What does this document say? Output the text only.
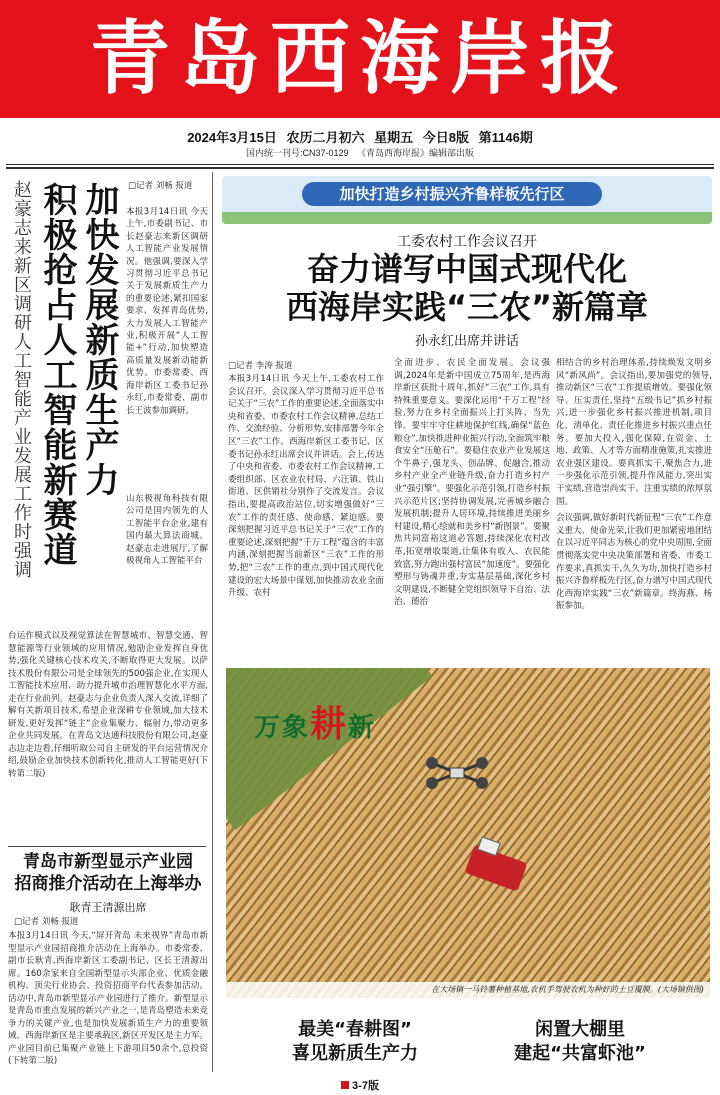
青岛西海岸报
2024年3月15日 农历二月初六 星期五 今日8版 第1146期
国内统一刊号:CN37-0129 《青岛西海岸报》编辑部出版
赵豪志来新区调研人工智能产业发展工作时强调 加快发展新质生产力
积极抢占人工智能新赛道	□记者 刘畅 报道
本报3月14日讯 今天上午,市委副书记、市长赵豪志来新区调研人工智能产业发展情况。他强调,要深入学习贯彻习近平总书记关于发展新质生产力的重要论述,紧扣国家要求、发挥青岛优势,大力发展人工智能产业,积极开展“人工智能+”行动,加快塑造高质量发展新动能新优势。市委常委、西海岸新区工委书记孙永红,市委常委、副市长王波参加调研。
山东极视角科技有限公司是国内领先的人工智能平台企业,建有国内最大算法商城。赵豪志走进展厅,了解极视角人工智能平台
台运作模式以及视觉算法在智慧城市、智慧交通、智慧能源等行业领域的应用情况,勉励企业发挥自身优势,强化关键核心技术攻关,不断取得更大发展。以萨技术股份有限公司是全球领先的500强企业,在实现人工智能技术应用、助力提升城市治理智慧化水平方面,走在行业前列。赵豪志与企业负责人深入交流,详细了解有关新项目技术,希望企业深耕专业领域,加大技术研发,更好发挥“链主”企业集聚力、辐射力,带动更多企业共同发展。在青岛文达通科技股份有限公司,赵豪志边走边看,仔细听取公司自主研发的平台运营情况介绍,鼓励企业加快技术创新转化,推动人工智能更好(下转第二版)
青岛市新型显示产业园
招商推介活动在上海举办
耿青王清源出席
□记者 刘畅 报道
本报3月14日讯 今天,“屏开青岛 未来视界”青岛市新型显示产业园招商推介活动在上海举办。市委常委、副市长耿青,西海岸新区工委副书记、区长王清源出席。160余家来自全国新型显示头部企业、优质金融机构、顶尖行业协会、投资招商平台代表参加活动。活动中,青岛市新型显示产业园进行了推介。新型显示是青岛市重点发展的新兴产业之一,是青岛塑造未来竞争力的关键产业,也是加快发展新质生产力的重要领域。西海岸新区是主要承载区,新区开发区是主力军。产业园目前已集聚产业链上下游项目50余个,总投资(下转第二版)
加快打造乡村振兴齐鲁样板先行区
工委农村工作会议召开
奋力谱写中国式现代化
西海岸实践“三农”新篇章
孙永红出席并讲话
□记者 李涛 报道
本报3月14日讯 今天上午,工委农村工作会议召开。会议深入学习贯彻习近平总书记关于“三农”工作的重要论述,全面落实中央和省委、市委农村工作会议精神,总结工作、交流经验、分析形势,安排部署今年全区“三农”工作。西海岸新区工委书记、区委书记孙永红出席会议并讲话。会上,传达了中央和省委、市委农村工作会议精神,工委组织部、区农业农村局、六汪镇、铁山街道、区供销社分别作了交流发言。会议指出,要提高政治站位,切实增强做好“三农”工作的责任感、使命感、紧迫感。要深刻把握习近平总书记关于“三农”工作的重要论述,深刻把握“千万工程”蕴含的丰富内涵,深刻把握当前新区“三农”工作的形势,把“三农”工作的重点,到中国式现代化建设的宏大场景中谋划,加快推动农业全面升级、农村
全面进步、农民全面发展。会议强调,2024年是新中国成立75周年,是西海岸新区获批十周年,抓好“三农”工作,具有特殊重要意义。要深化运用“千万工程”经验,努力在乡村全面振兴上打头阵、当先锋。要牢牢守住耕地保护红线,确保“蓝色粮仓”,加快推进种业振兴行动,全面筑牢粮食安全“压舱石”。要稳住农业产业发展这个牛鼻子,强龙头、创品牌、促融合,推动乡村产业全产业链升级,奋力打造乡村产业“强引擎”。要强化示范引领,打造乡村振兴示范片区;坚持协调发展,完善城乡融合发展机制;提升人居环境,持续推进美丽乡村建设,精心绘就和美乡村“新图景”。要聚焦共同富裕这道必答题,持续深化农村改革,拓宽增收渠道,让集体有收入、农民能致富,努力跑出强村富民“加速度”。要强化塑形与铸魂并重,夯实基层基础,深化乡村文明建设,不断健全党组织领导下自治、法治、德治
相结合的乡村治理体系,持续焕发文明乡风“新风尚”。会议指出,要加强党的领导,推动新区“三农”工作提质增效。要强化领导、压实责任,坚持“五级书记”抓乡村振兴,进一步强化乡村振兴推进机制,项目化、清单化、责任化推进乡村振兴重点任务。要加大投入,强化保障,在资金、土地、政策、人才等方面精准施策,扎实推进农业强区建设。要真抓实干,聚焦合力,进一步强化示范引领,提升作风能力,突出实干实绩,营造崇尚实干、注重实绩的浓厚氛围。
会议强调,做好新时代新征程“三农”工作意义重大、使命光荣,让我们更加紧密地团结在以习近平同志为核心的党中央周围,全面贯彻落实党中央决策部署和省委、市委工作要求,真抓实干,久久为功,加快打造乡村振兴齐鲁样板先行区,奋力谱写中国式现代化西海岸实践“三农”新篇章。终海燕、杨振参加。
万象耕新
在大场镇一马铃薯种植基地,农机手驾驶农机为种好的土豆覆膜。(大场镇供图)
最美“春耕图”
喜见新质生产力
闲置大棚里
建起“共富虾池”
3-7版
